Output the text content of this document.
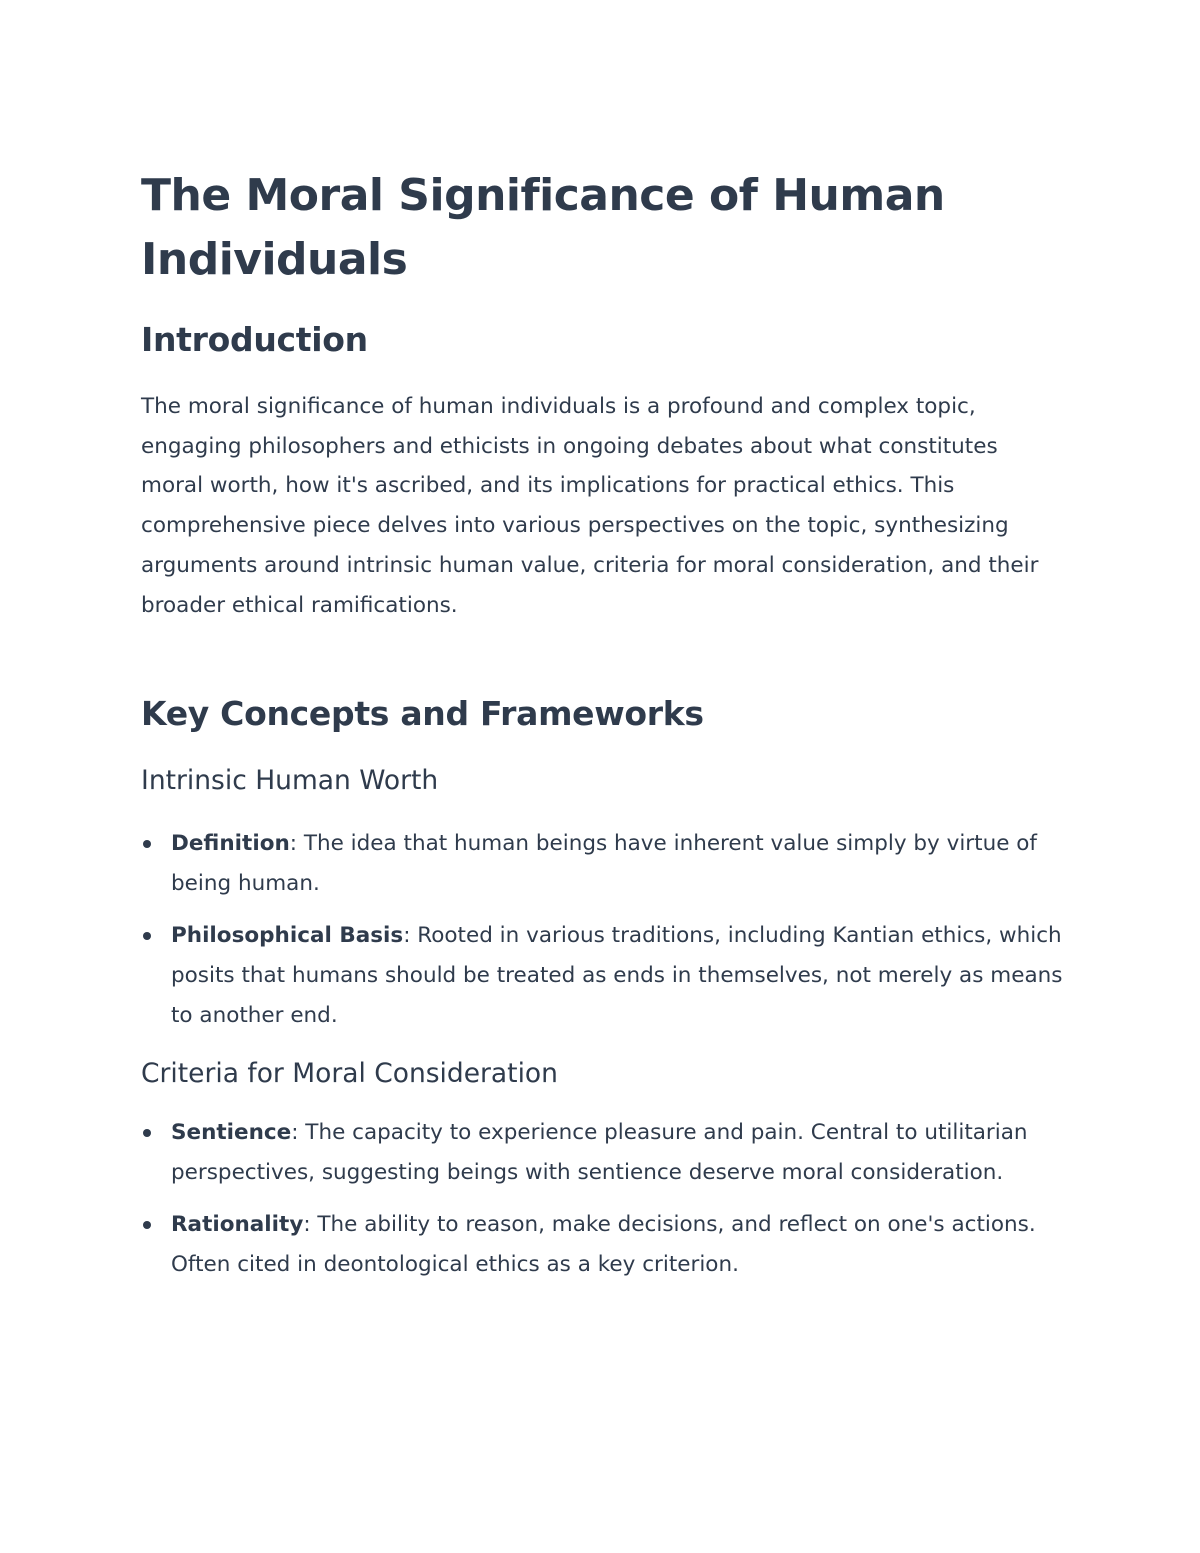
The Moral Significance of Human Individuals
Introduction

The moral significance of human individuals is a profound and complex topic, engaging philosophers and ethicists in ongoing debates about what constitutes moral worth, how it's ascribed, and its implications for practical ethics. This comprehensive piece delves into various perspectives on the topic, synthesizing arguments around intrinsic human value, criteria for moral consideration, and their broader ethical ramifications.

Key Concepts and Frameworks
Intrinsic Human Worth
Definition: The idea that human beings have inherent value simply by virtue of being human.
Philosophical Basis: Rooted in various traditions, including Kantian ethics, which posits that humans should be treated as ends in themselves, not merely as means to another end.
Criteria for Moral Consideration
Sentience: The capacity to experience pleasure and pain. Central to utilitarian perspectives, suggesting beings with sentience deserve moral consideration.
Rationality: The ability to reason, make decisions, and reflect on one's actions. Often cited in deontological ethics as a key criterion.
